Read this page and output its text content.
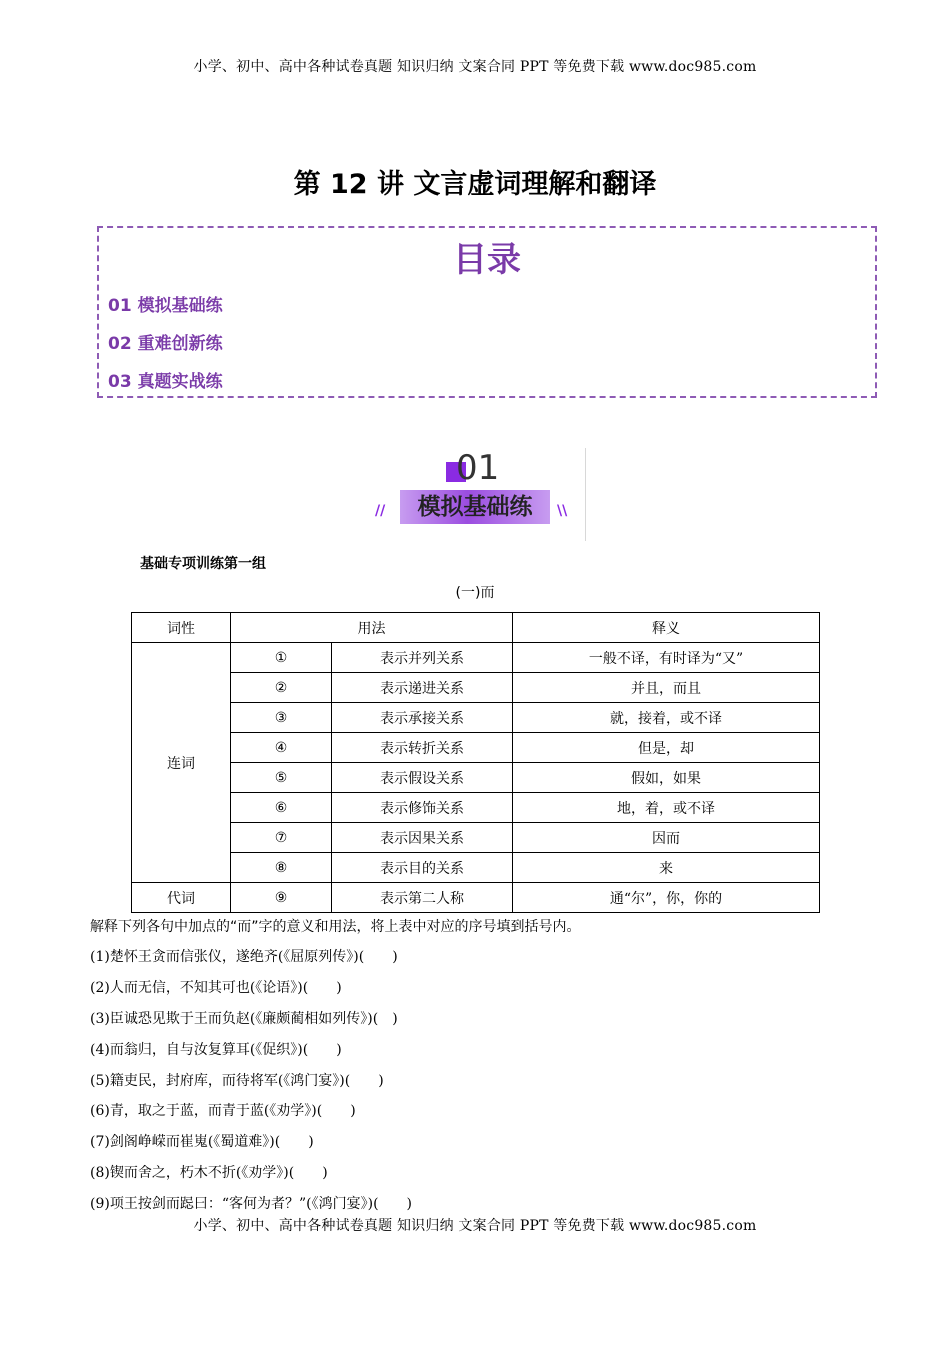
小学、初中、高中各种试卷真题 知识归纳 文案合同 PPT 等免费下载 www.doc985.com
第 12 讲 文言虚词理解和翻译
目录
01 模拟基础练
02 重难创新练
03 真题实战练
01
模拟基础练
//	\\
基础专项训练第一组
(一)而
词性	用法		释义
连词	①	表示并列关系	一般不译，有时译为“又”
	②	表示递进关系	并且，而且
	③	表示承接关系	就，接着，或不译
	④	表示转折关系	但是，却
	⑤	表示假设关系	假如，如果
	⑥	表示修饰关系	地，着，或不译
	⑦	表示因果关系	因而
	⑧	表示目的关系	来
代词	⑨	表示第二人称	通“尔”，你，你的
解释下列各句中加点的“而”字的意义和用法，将上表中对应的序号填到括号内。
(1)楚怀王贪而信张仪，遂绝齐(《屈原列传》)(　　)
(2)人而无信，不知其可也(《论语》)(　　)
(3)臣诚恐见欺于王而负赵(《廉颇蔺相如列传》)(　)
(4)而翁归，自与汝复算耳(《促织》)(　　)
(5)籍吏民，封府库，而待将军(《鸿门宴》)(　　)
(6)青，取之于蓝，而青于蓝(《劝学》)(　　)
(7)剑阁峥嵘而崔嵬(《蜀道难》)(　　)
(8)锲而舍之，朽木不折(《劝学》)(　　)
(9)项王按剑而跽曰：“客何为者？”(《鸿门宴》)(　　)
小学、初中、高中各种试卷真题 知识归纳 文案合同 PPT 等免费下载 www.doc985.com
